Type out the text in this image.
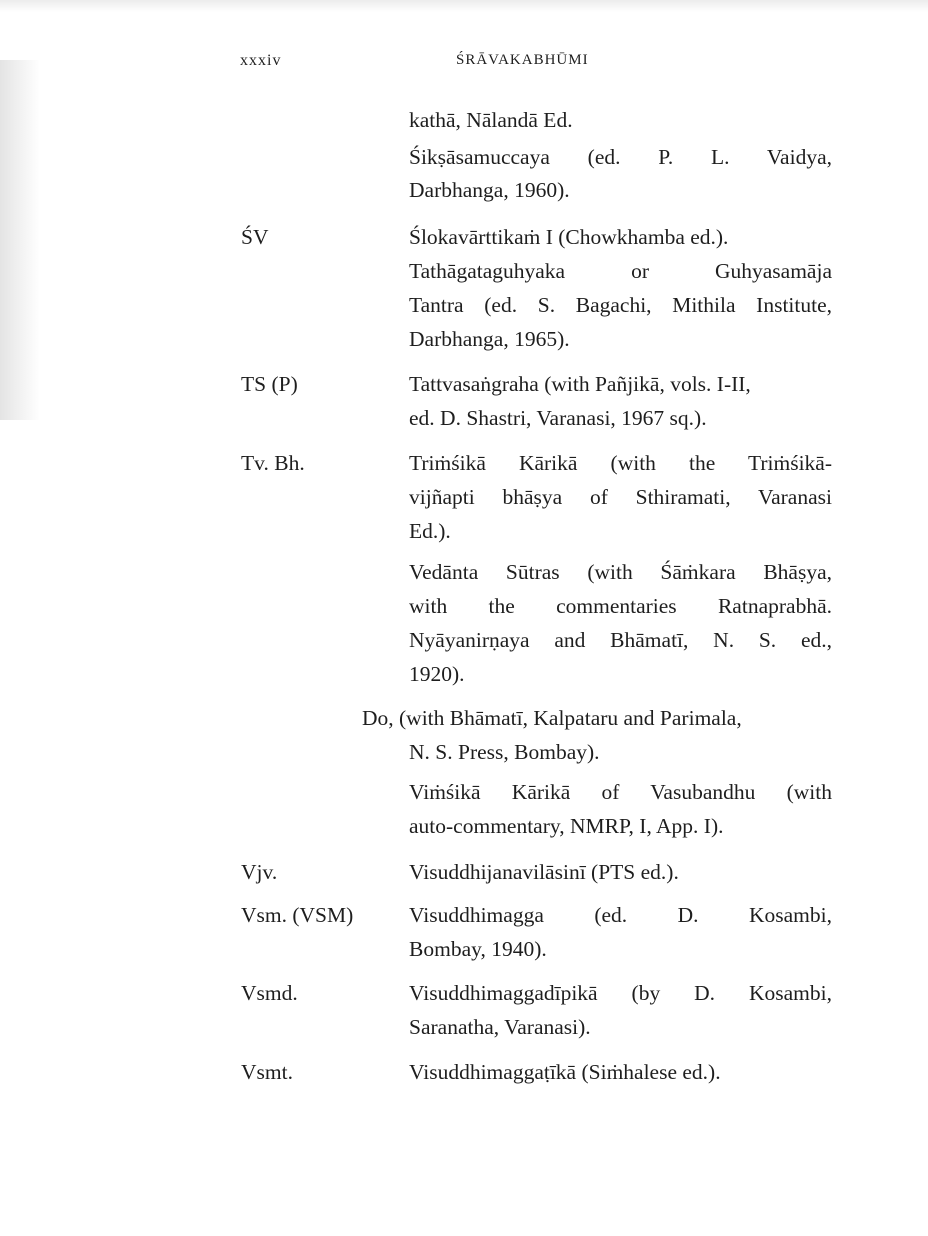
xxxiv	ŚRĀVAKABHŪMI
kathā, Nālandā Ed.
Śikṣāsamuccaya (ed. P. L. Vaidya,
Darbhanga, 1960).
ŚV	Ślokavārttikaṁ I (Chowkhamba ed.).
Tathāgataguhyaka or Guhyasamāja
Tantra (ed. S. Bagachi, Mithila Institute,
Darbhanga, 1965).
TS (P)	Tattvasaṅgraha (with Pañjikā, vols. I-II,
ed. D. Shastri, Varanasi, 1967 sq.).
Tv. Bh.	Triṁśikā Kārikā (with the Triṁśikā-
vijñapti bhāṣya of Sthiramati, Varanasi
Ed.).
Vedānta Sūtras (with Śāṁkara Bhāṣya,
with the commentaries Ratnaprabhā.
Nyāyanirṇaya and Bhāmatī, N. S. ed.,
1920).
Do, (with Bhāmatī, Kalpataru and Parimala,
N. S. Press, Bombay).
Viṁśikā Kārikā of Vasubandhu (with
auto-commentary, NMRP, I, App. I).
Vjv.	Visuddhijanavilāsinī (PTS ed.).
Vsm. (VSM)	Visuddhimagga (ed. D. Kosambi,
Bombay, 1940).
Vsmd.	Visuddhimaggadīpikā (by D. Kosambi,
Saranatha, Varanasi).
Vsmt.	Visuddhimaggaṭīkā (Siṁhalese ed.).
